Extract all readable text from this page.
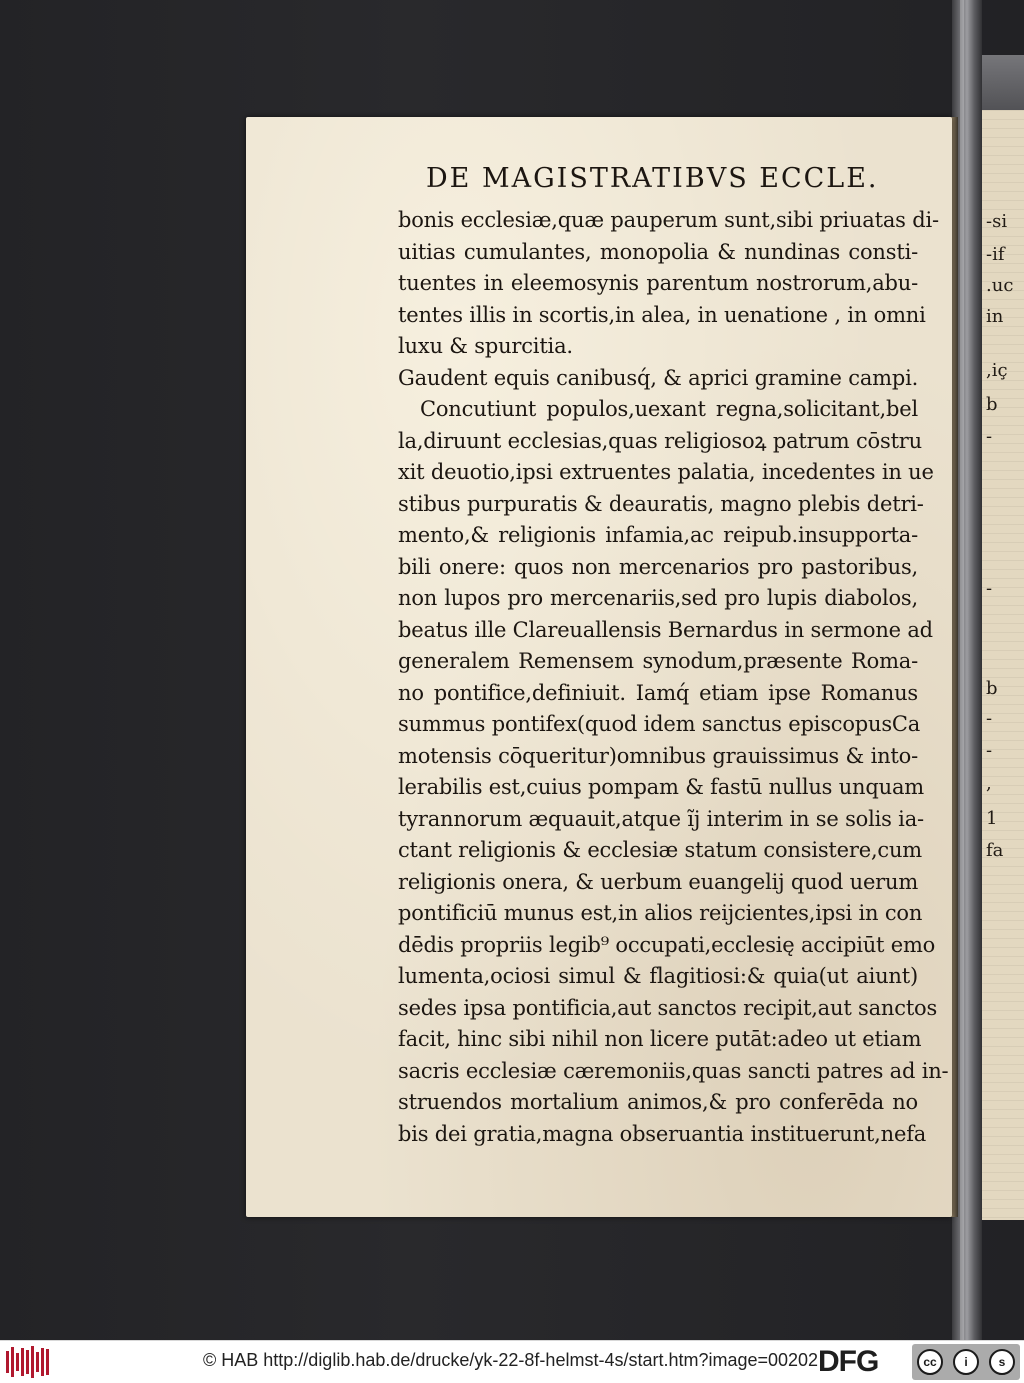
-si
-if
.uc
in
,iç
b
-
-
b
-
-
,
1
fa
DE MAGISTRATIBVS ECCLE.
bonis ecclesiæ,quæ pauperum sunt,sibi priuatas di-
uitias cumulantes, monopolia & nundinas consti-
tuentes in eleemosynis parentum nostrorum,abu-
tentes illis in scortis,in alea, in uenatione , in omni
luxu & spurcitia.
Gaudent equis canibusq́, & aprici gramine campi.
Concutiunt populos,uexant regna,solicitant,bel
la,diruunt ecclesias,quas religiosoꝝ patrum cōstru
xit deuotio,ipsi extruentes palatia, incedentes in ue
stibus purpuratis & deauratis, magno plebis detri-
mento,& religionis infamia,ac reipub.insupporta-
bili onere: quos non mercenarios pro pastoribus,
non lupos pro mercenariis,sed pro lupis diabolos,
beatus ille Clareuallensis Bernardus in sermone ad
generalem Remensem synodum,præsente Roma-
no pontifice,definiuit. Iamq́ etiam ipse Romanus
summus pontifex(quod idem sanctus episcopusCa
motensis cōqueritur)omnibus grauissimus & into-
lerabilis est,cuius pompam & fastū nullus unquam
tyrannorum æquauit,atque ĩj interim in se solis ia-
ctant religionis & ecclesiæ statum consistere,cum
religionis onera, & uerbum euangelij quod uerum
pontificiū munus est,in alios reijcientes,ipsi in con
dēdis propriis legib⁹ occupati,ecclesię accipiūt emo
lumenta,ociosi simul & flagitiosi:& quia(ut aiunt)
sedes ipsa pontificia,aut sanctos recipit,aut sanctos
facit, hinc sibi nihil non licere putāt:adeo ut etiam
sacris ecclesiæ cæremoniis,quas sancti patres ad in-
struendos mortalium animos,& pro conferēda no
bis dei gratia,magna obseruantia instituerunt,nefa
© HAB http://diglib.hab.de/drucke/yk-22-8f-helmst-4s/start.htm?image=00202 DFG	cc	i	s
